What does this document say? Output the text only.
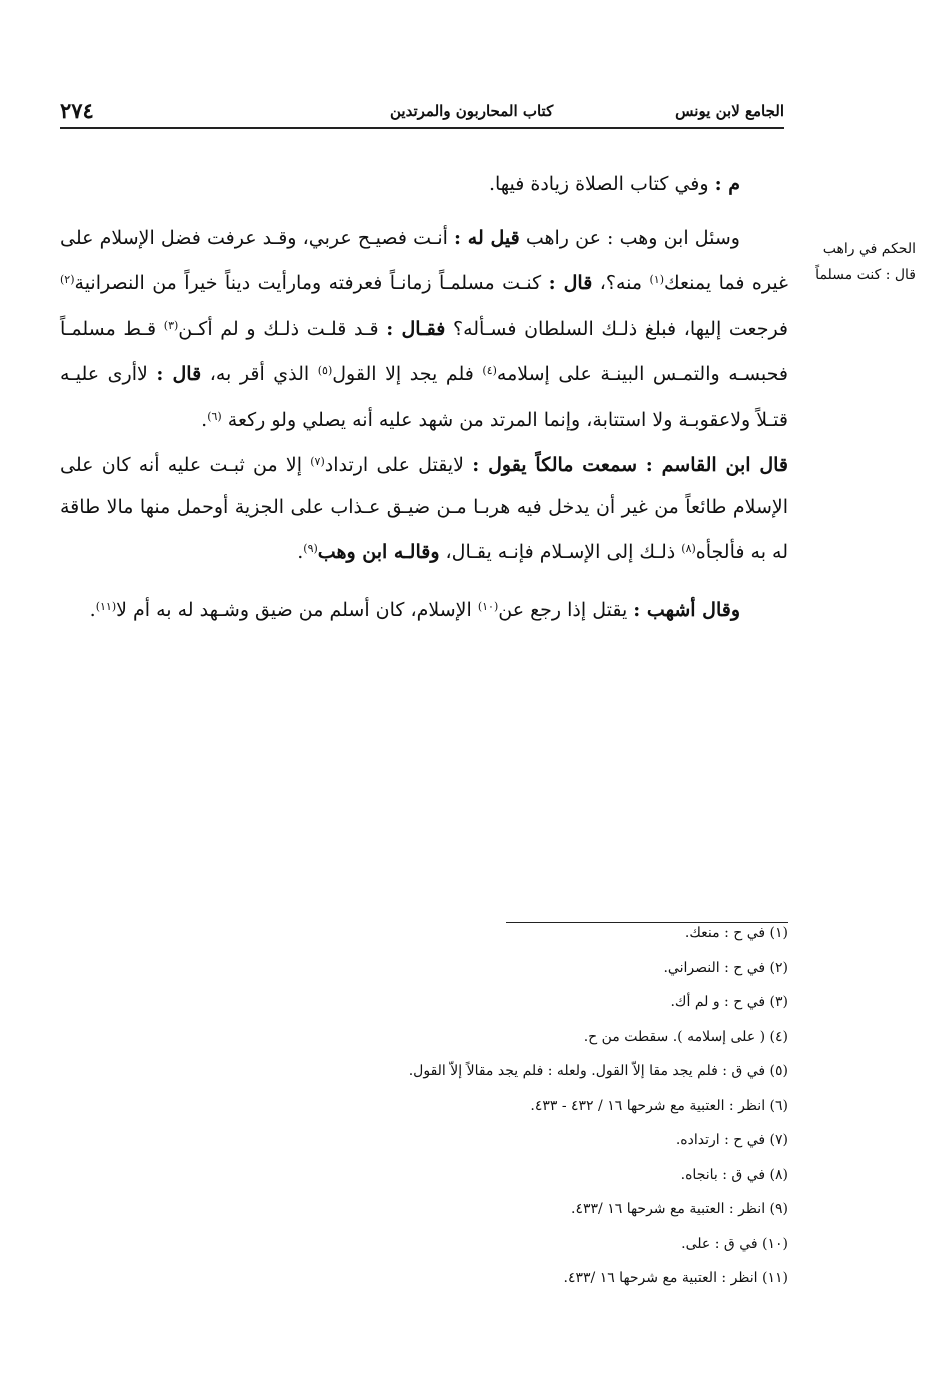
الجامع لابن يونس
كتاب المحاربون والمرتدين
٢٧٤
الحكم في راهب
قال : كنت مسلماً

م : وفي كتاب الصلاة زيادة فيها.

وسئل ابن وهب : عن راهب قيل له : أنـت فصيـح عربي، وقـد عرفت فضل الإسلام على غيره فما يمنعك$^{(١)}$ منه؟، قال : كنـت مسلمـاً زمانـاً فعرفته ومارأيت ديناً خيراً من النصرانية$^{(٢)}$ فرجعت إليها، فبلغ ذلـك السلطان فسـأله؟ فقـال : قـد قلـت ذلـك و لم أكـن$^{(٣)}$ قـط مسلمـاً فحبسـه والتمـس البينـة على إسلامه$^{(٤)}$ فلم يجد إلا القول$^{(٥)}$ الذي أقر به، قال : لاأرى عليـه قتـلاً ولاعقوبـة ولا استتابة، وإنما المرتد من شهد عليه أنه يصلي ولو ركعة $^{(٦)}$.

قال ابن القاسم : سمعت مالكاً يقول : لايقتل على ارتداد$^{(٧)}$ إلا من ثبـت عليه أنه كان على الإسلام طائعاً من غير أن يدخل فيه هربـا مـن ضيـق عـذاب على الجزية أوحمل منها مالا طاقة له به فألجأه$^{(٨)}$ ذلـك إلى الإسـلام فإنـه يقـال، وقالـه ابن وهب$^{(٩)}$.

وقال أشهب : يقتل إذا رجع عن$^{(١٠)}$ الإسلام، كان أسلم من ضيق وشـهد له به أم لا$^{(١١)}$.

(١) في ح : منعك.
(٢) في ح : النصراني.
(٣) في ح : و لم أك.
(٤) ( على إسلامه ). سقطت من ح.
(٥) في ق : فلم يجد مقا إلاّ القول. ولعله : فلم يجد مقالاً إلاّ القول.
(٦) انظر : العتبية مع شرحها ١٦ / ٤٣٢ - ٤٣٣.
(٧) في ح : ارتداده.
(٨) في ق : بانجاه.
(٩) انظر : العتبية مع شرحها ١٦ /٤٣٣.
(١٠) في ق : على.
(١١) انظر : العتبية مع شرحها ١٦ /٤٣٣.
